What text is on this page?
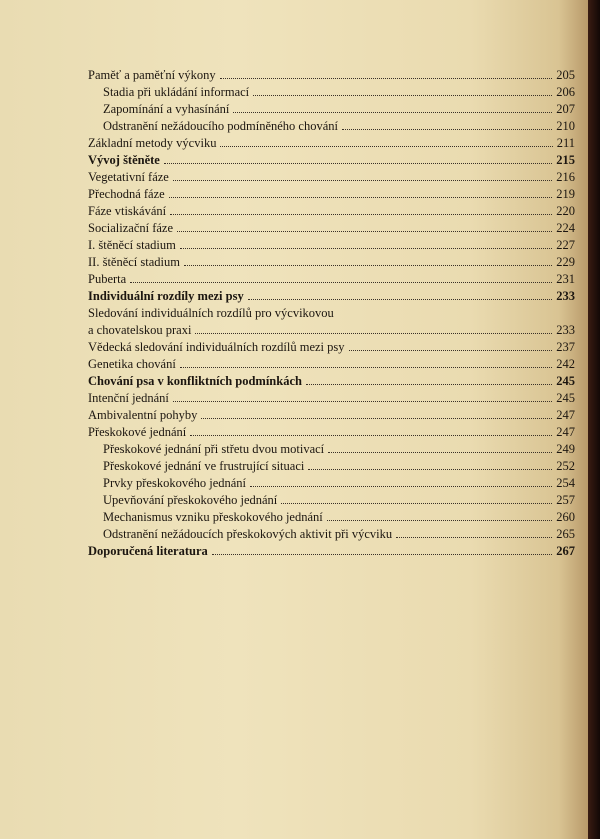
Paměť a paměťní výkony	205
Stadia při ukládání informací	206
Zapomínání a vyhasínání	207
Odstranění nežádoucího podmíněného chování	210
Základní metody výcviku	211
Vývoj štěněte	215
Vegetativní fáze	216
Přechodná fáze	219
Fáze vtiskávání	220
Socializační fáze	224
I. štěněcí stadium	227
II. štěněcí stadium	229
Puberta	231
Individuální rozdíly mezi psy	233
Sledování individuálních rozdílů pro výcvikovou
a chovatelskou praxi	233
Vědecká sledování individuálních rozdílů mezi psy	237
Genetika chování	242
Chování psa v konfliktních podmínkách	245
Intenční jednání	245
Ambivalentní pohyby	247
Přeskokové jednání	247
Přeskokové jednání při střetu dvou motivací	249
Přeskokové jednání ve frustrující situaci	252
Prvky přeskokového jednání	254
Upevňování přeskokového jednání	257
Mechanismus vzniku přeskokového jednání	260
Odstranění nežádoucích přeskokových aktivit při výcviku	265
Doporučená literatura	267
